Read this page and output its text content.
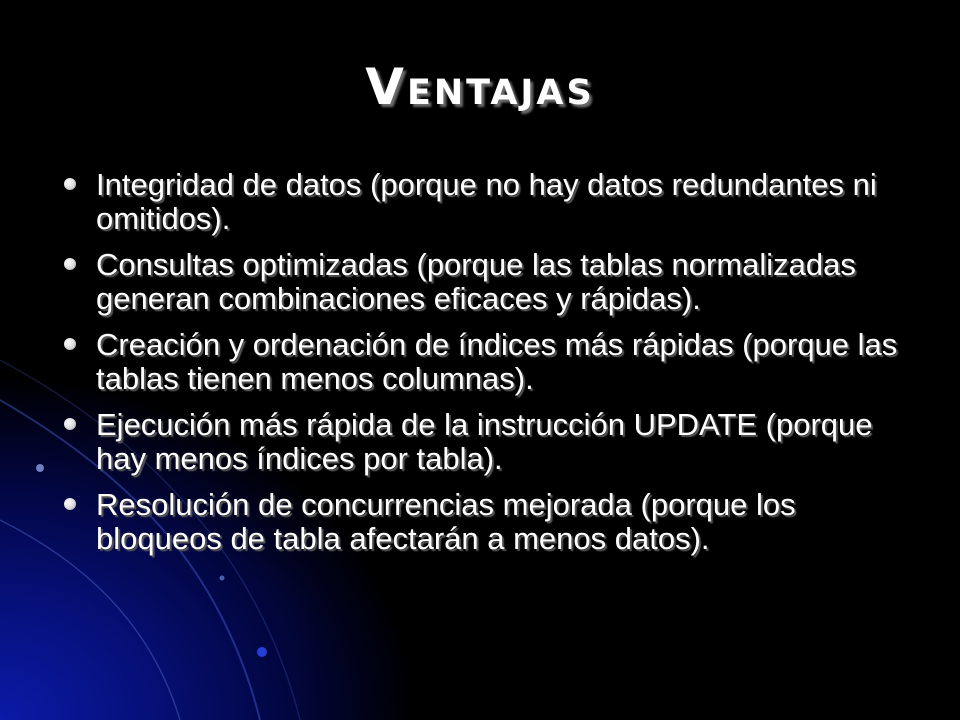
Ventajas
Integridad de datos (porque no hay datos redundantes ni omitidos).
Consultas optimizadas (porque las tablas normalizadas generan combinaciones eficaces y rápidas).
Creación y ordenación de índices más rápidas (porque las tablas tienen menos columnas).
Ejecución más rápida de la instrucción UPDATE (porque hay menos índices por tabla).
Resolución de concurrencias mejorada (porque los bloqueos de tabla afectarán a menos datos).
